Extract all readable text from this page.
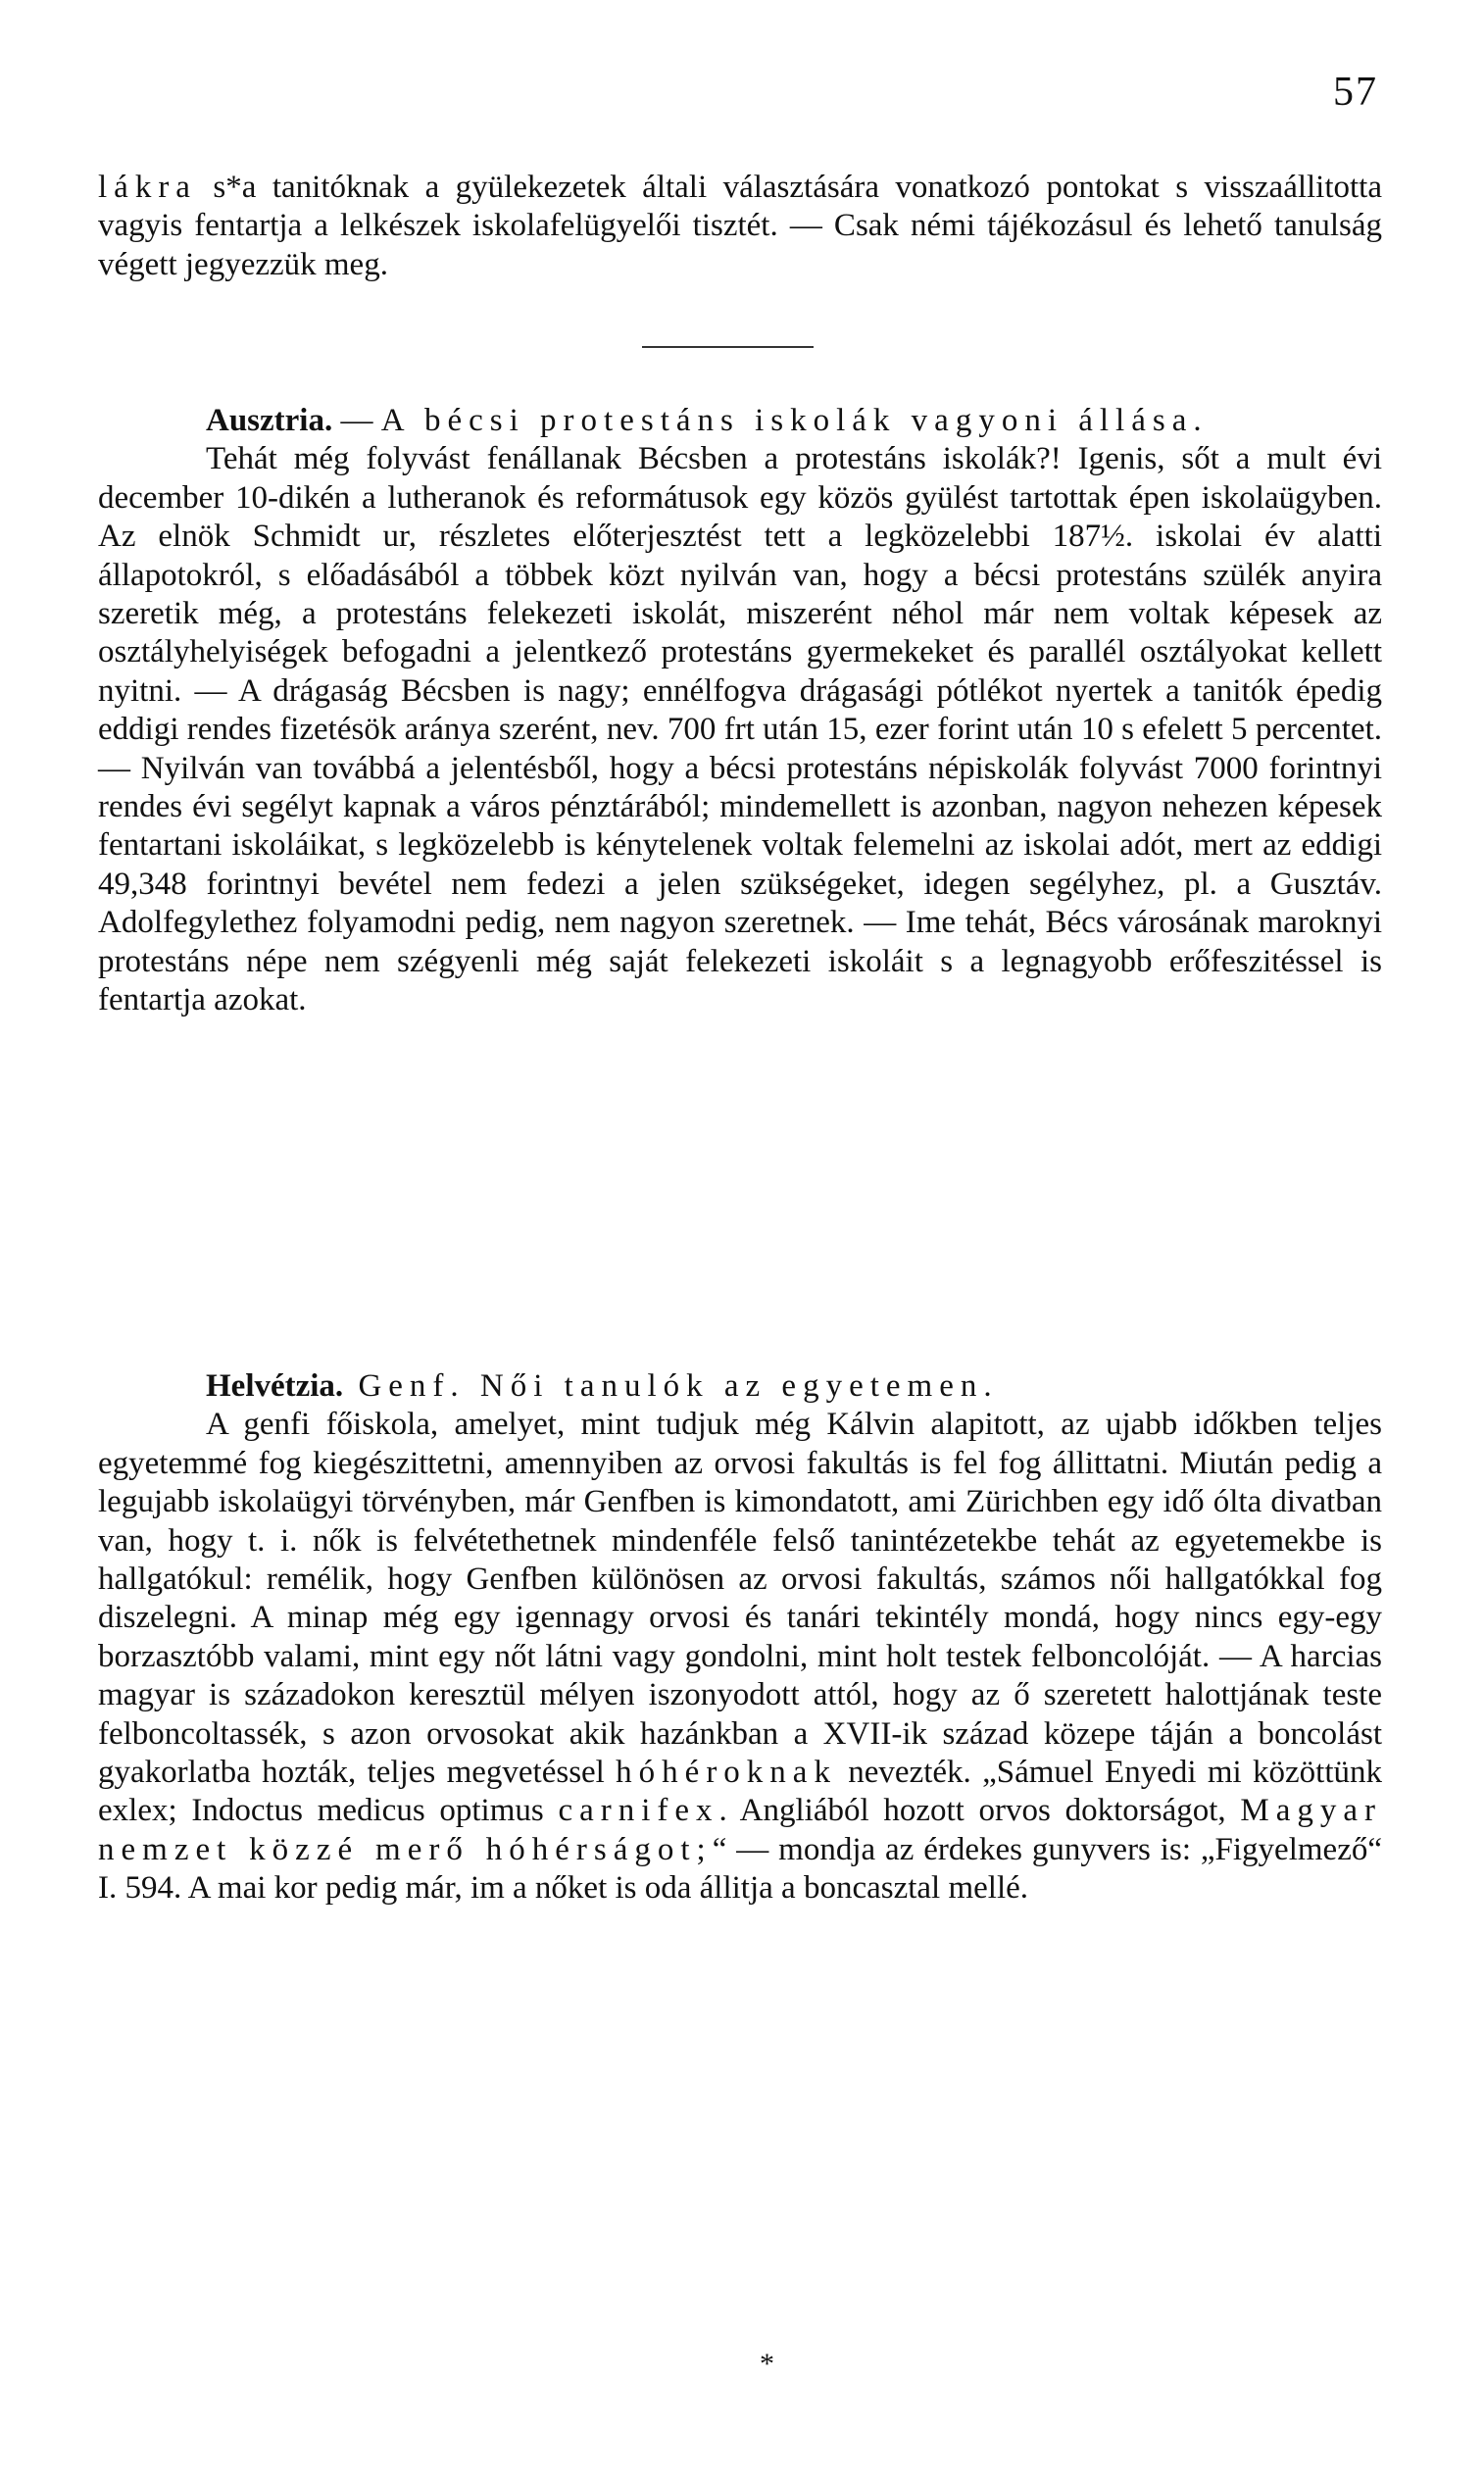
57

lákra s*a tanitóknak a gyülekezetek általi választására vonatkozó pontokat s visszaállitotta vagyis fentartja a lelkészek iskolafelügyelői tisztét. — Csak némi tájékozásul és lehető tanulság végett jegyezzük meg.

Ausztria. — A bécsi protestáns iskolák vagyoni állása.

Tehát még folyvást fenállanak Bécsben a protestáns iskolák?! Igenis, sőt a mult évi december 10-dikén a lutheranok és reformátusok egy közös gyülést tartottak épen iskolaügyben. Az elnök Schmidt ur, részletes előterjesztést tett a legközelebbi 187½. iskolai év alatti állapotokról, s előadásából a többek közt nyilván van, hogy a bécsi protestáns szülék anyira szeretik még, a protestáns felekezeti iskolát, miszerént néhol már nem voltak képesek az osztályhelyiségek befogadni a jelentkező protestáns gyermekeket és parallél osztályokat kellett nyitni. — A drágaság Bécsben is nagy; ennélfogva drágasági pótlékot nyertek a tanitók épedig eddigi rendes fizetésök aránya szerént, nev. 700 frt után 15, ezer forint után 10 s efelett 5 percentet. — Nyilván van továbbá a jelentésből, hogy a bécsi protestáns népiskolák folyvást 7000 forintnyi rendes évi segélyt kapnak a város pénztárából; mindemellett is azonban, nagyon nehezen képesek fentartani iskoláikat, s legközelebb is kénytelenek voltak felemelni az iskolai adót, mert az eddigi 49,348 forintnyi bevétel nem fedezi a jelen szükségeket, idegen segélyhez, pl. a Gusztáv. Adolfegylethez folyamodni pedig, nem nagyon szeretnek. — Ime tehát, Bécs városának maroknyi protestáns népe nem szégyenli még saját felekezeti iskoláit s a legnagyobb erőfeszitéssel is fentartja azokat.

Helvétzia. Genf. Női tanulók az egyetemen.

A genfi főiskola, amelyet, mint tudjuk még Kálvin alapitott, az ujabb időkben teljes egyetemmé fog kiegészittetni, amennyiben az orvosi fakultás is fel fog állittatni. Miután pedig a legujabb iskolaügyi törvényben, már Genfben is kimondatott, ami Zürichben egy idő ólta divatban van, hogy t. i. nők is felvétethetnek mindenféle felső tanintézetekbe tehát az egyetemekbe is hallgatókul: remélik, hogy Genfben különösen az orvosi fakultás, számos női hallgatókkal fog diszelegni. A minap még egy igennagy orvosi és tanári tekintély mondá, hogy nincs egy-egy borzasztóbb valami, mint egy nőt látni vagy gondolni, mint holt testek felboncolóját. — A harcias magyar is századokon keresztül mélyen iszonyodott attól, hogy az ő szeretett halottjának teste felboncoltassék, s azon orvosokat akik hazánkban a XVII-ik század közepe táján a boncolást gyakorlatba hozták, teljes megvetéssel hóhéroknak nevezték. „Sámuel Enyedi mi közöttünk exlex; Indoctus medicus optimus carnifex. Angliából hozott orvos doktorságot, Magyar nemzet közzé merő hóhérságot;“ — mondja az érdekes gunyvers is: „Figyelmező“ I. 594. A mai kor pedig már, im a nőket is oda állitja a boncasztal mellé.

*
